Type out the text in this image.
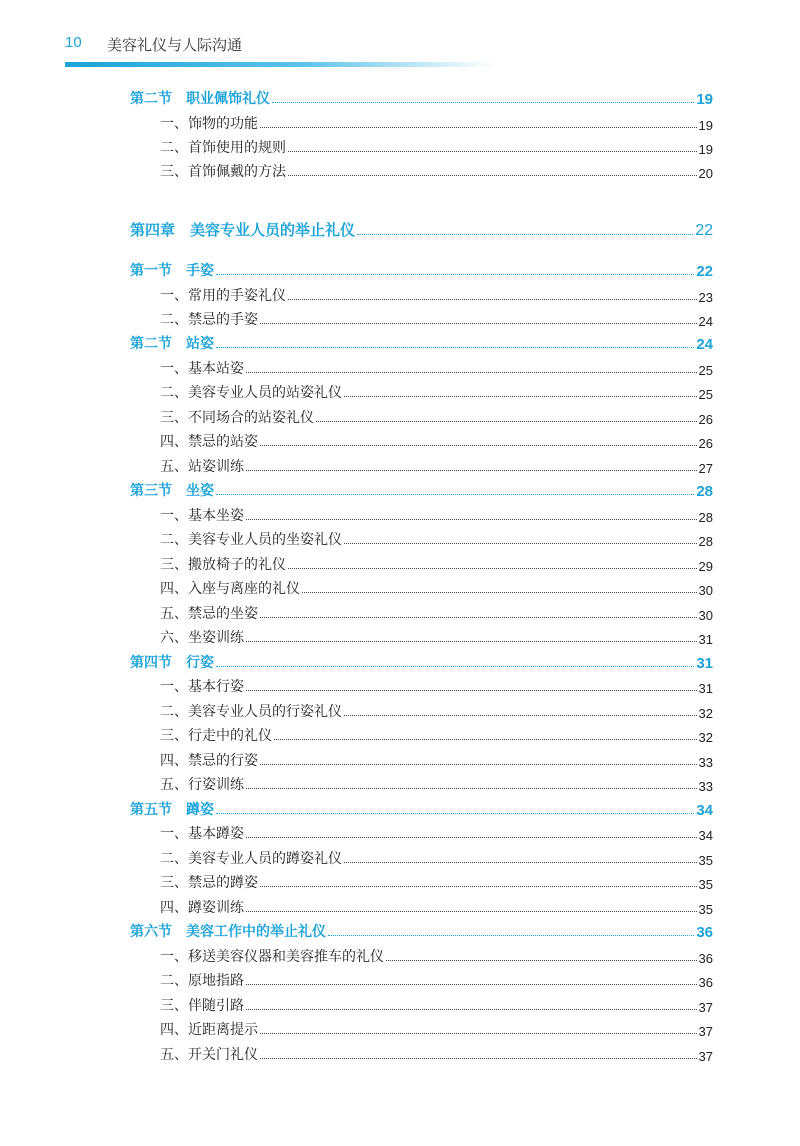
10 美容礼仪与人际沟通
第二节　职业佩饰礼仪	19
一、饰物的功能	19
二、首饰使用的规则	19
三、首饰佩戴的方法	20
第四章　美容专业人员的举止礼仪	22
第一节　手姿	22
一、常用的手姿礼仪	23
二、禁忌的手姿	24
第二节　站姿	24
一、基本站姿	25
二、美容专业人员的站姿礼仪	25
三、不同场合的站姿礼仪	26
四、禁忌的站姿	26
五、站姿训练	27
第三节　坐姿	28
一、基本坐姿	28
二、美容专业人员的坐姿礼仪	28
三、搬放椅子的礼仪	29
四、入座与离座的礼仪	30
五、禁忌的坐姿	30
六、坐姿训练	31
第四节　行姿	31
一、基本行姿	31
二、美容专业人员的行姿礼仪	32
三、行走中的礼仪	32
四、禁忌的行姿	33
五、行姿训练	33
第五节　蹲姿	34
一、基本蹲姿	34
二、美容专业人员的蹲姿礼仪	35
三、禁忌的蹲姿	35
四、蹲姿训练	35
第六节　美容工作中的举止礼仪	36
一、移送美容仪器和美容推车的礼仪	36
二、原地指路	36
三、伴随引路	37
四、近距离提示	37
五、开关门礼仪	37
